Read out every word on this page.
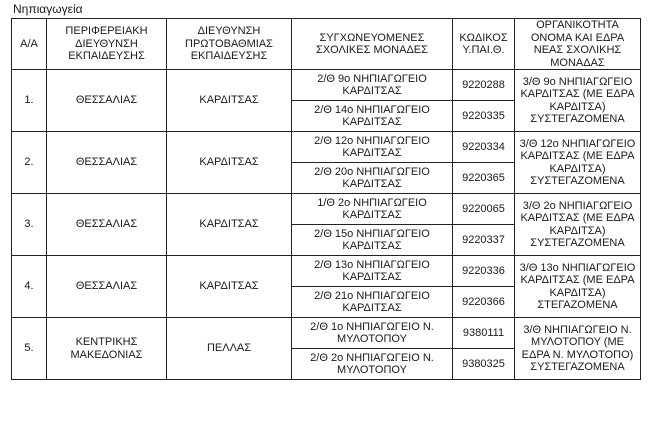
Νηπιαγωγεία
Α/Α	ΠΕΡΙΦΕΡΕΙΑΚΗ ΔΙΕΥΘΥΝΣΗ ΕΚΠΑΙΔΕΥΣΗΣ	ΔΙΕΥΘΥΝΣΗ ΠΡΩΤΟΒΑΘΜΙΑΣ ΕΚΠΑΙΔΕΥΣΗΣ	ΣΥΓΧΩΝΕΥΟΜΕΝΕΣ ΣΧΟΛΙΚΕΣ ΜΟΝΑΔΕΣ	ΚΩΔΙΚΟΣ Υ.ΠΑΙ.Θ.	ΟΡΓΑΝΙΚΟΤΗΤΑ ΟΝΟΜΑ ΚΑΙ ΕΔΡΑ ΝΕΑΣ ΣΧΟΛΙΚΗΣ ΜΟΝΑΔΑΣ
1.	ΘΕΣΣΑΛΙΑΣ	ΚΑΡΔΙΤΣΑΣ	2/Θ 9ο ΝΗΠΙΑΓΩΓΕΙΟ ΚΑΡΔΙΤΣΑΣ	9220288	3/Θ 9ο ΝΗΠΙΑΓΩΓΕΙΟ ΚΑΡΔΙΤΣΑΣ (ΜΕ ΕΔΡΑ ΚΑΡΔΙΤΣΑ) ΣΥΣΤΕΓΑΖΟΜΕΝΑ
			2/Θ 14ο ΝΗΠΙΑΓΩΓΕΙΟ ΚΑΡΔΙΤΣΑΣ	9220335	
2.	ΘΕΣΣΑΛΙΑΣ	ΚΑΡΔΙΤΣΑΣ	2/Θ 12ο ΝΗΠΙΑΓΩΓΕΙΟ ΚΑΡΔΙΤΣΑΣ	9220334	3/Θ 12ο ΝΗΠΙΑΓΩΓΕΙΟ ΚΑΡΔΙΤΣΑΣ (ΜΕ ΕΔΡΑ ΚΑΡΔΙΤΣΑ) ΣΥΣΤΕΓΑΖΟΜΕΝΑ
			2/Θ 20ο ΝΗΠΙΑΓΩΓΕΙΟ ΚΑΡΔΙΤΣΑΣ	9220365	
3.	ΘΕΣΣΑΛΙΑΣ	ΚΑΡΔΙΤΣΑΣ	1/Θ 2ο ΝΗΠΙΑΓΩΓΕΙΟ ΚΑΡΔΙΤΣΑΣ	9220065	3/Θ 2ο ΝΗΠΙΑΓΩΓΕΙΟ ΚΑΡΔΙΤΣΑΣ (ΜΕ ΕΔΡΑ ΚΑΡΔΙΤΣΑ) ΣΥΣΤΕΓΑΖΟΜΕΝΑ
			2/Θ 15ο ΝΗΠΙΑΓΩΓΕΙΟ ΚΑΡΔΙΤΣΑΣ	9220337	
4.	ΘΕΣΣΑΛΙΑΣ	ΚΑΡΔΙΤΣΑΣ	2/Θ 13ο ΝΗΠΙΑΓΩΓΕΙΟ ΚΑΡΔΙΤΣΑΣ	9220336	3/Θ 13ο ΝΗΠΙΑΓΩΓΕΙΟ ΚΑΡΔΙΤΣΑΣ (ΜΕ ΕΔΡΑ ΚΑΡΔΙΤΣΑ) ΣΤΕΓΑΖΟΜΕΝΑ
			2/Θ 21ο ΝΗΠΙΑΓΩΓΕΙΟ ΚΑΡΔΙΤΣΑΣ	9220366	
5.	ΚΕΝΤΡΙΚΗΣ ΜΑΚΕΔΟΝΙΑΣ	ΠΕΛΛΑΣ	2/Θ 1ο ΝΗΠΙΑΓΩΓΕΙΟ Ν. ΜΥΛΟΤΟΠΟΥ	9380111	3/Θ ΝΗΠΙΑΓΩΓΕΙΟ Ν. ΜΥΛΟΤΟΠΟΥ (ΜΕ ΕΔΡΑ Ν. ΜΥΛΟΤΟΠΟ) ΣΥΣΤΕΓΑΖΟΜΕΝΑ
			2/Θ 2ο ΝΗΠΙΑΓΩΓΕΙΟ Ν. ΜΥΛΟΤΟΠΟΥ	9380325	
